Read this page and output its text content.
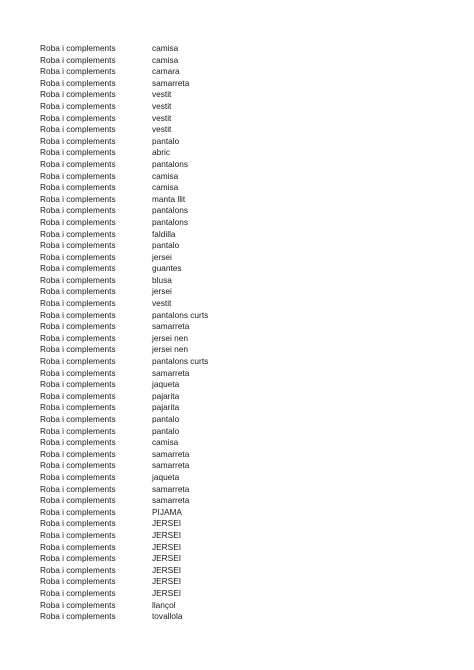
Roba i complements	camisa
Roba i complements	camisa
Roba i complements	camara
Roba i complements	samarreta
Roba i complements	vestit
Roba i complements	vestit
Roba i complements	vestit
Roba i complements	vestit
Roba i complements	pantalo
Roba i complements	abric
Roba i complements	pantalons
Roba i complements	camisa
Roba i complements	camisa
Roba i complements	manta llit
Roba i complements	pantalons
Roba i complements	pantalons
Roba i complements	faldilla
Roba i complements	pantalo
Roba i complements	jersei
Roba i complements	guantes
Roba i complements	blusa
Roba i complements	jersei
Roba i complements	vestit
Roba i complements	pantalons curts
Roba i complements	samarreta
Roba i complements	jersei nen
Roba i complements	jersei nen
Roba i complements	pantalons curts
Roba i complements	samarreta
Roba i complements	jaqueta
Roba i complements	pajarita
Roba i complements	pajarita
Roba i complements	pantalo
Roba i complements	pantalo
Roba i complements	camisa
Roba i complements	samarreta
Roba i complements	samarreta
Roba i complements	jaqueta
Roba i complements	samarreta
Roba i complements	samarreta
Roba i complements	PIJAMA
Roba i complements	JERSEI
Roba i complements	JERSEI
Roba i complements	JERSEI
Roba i complements	JERSEI
Roba i complements	JERSEI
Roba i complements	JERSEI
Roba i complements	JERSEI
Roba i complements	llançol
Roba i complements	tovallola
